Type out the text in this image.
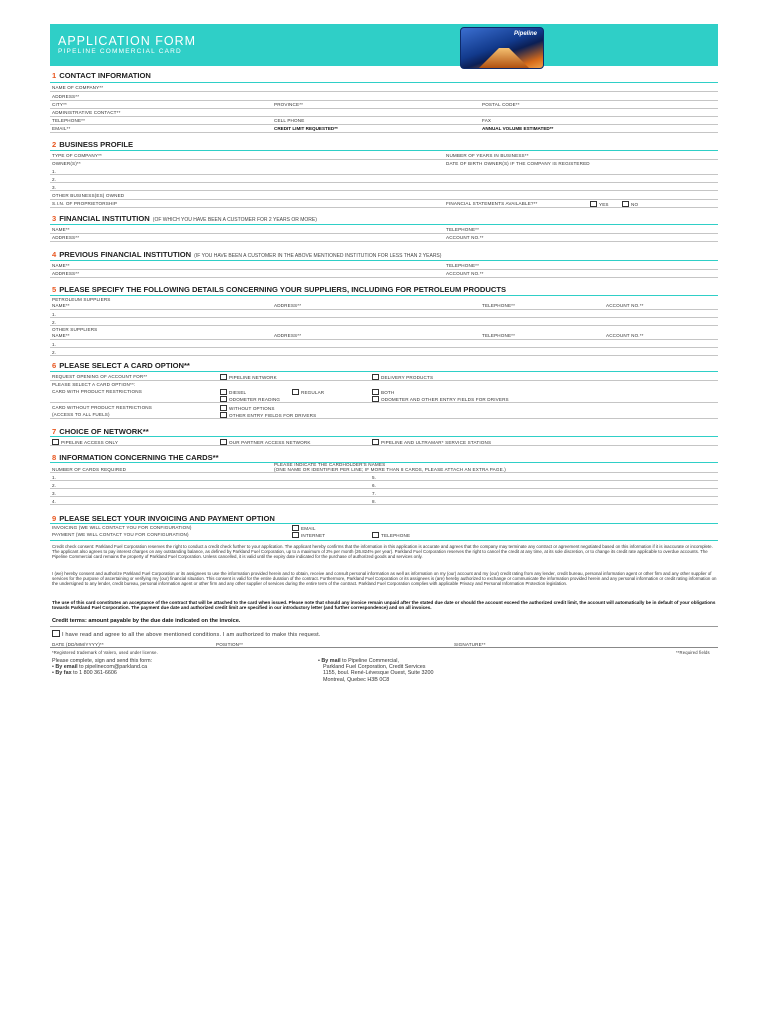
APPLICATION FORM
PIPELINE COMMERCIAL CARD
Pipeline
1 CONTACT INFORMATION
NAME OF COMPANY**
ADDRESS**
CITY**	PROVINCE**	POSTAL CODE**
ADMINISTRATIVE CONTACT**
TELEPHONE**	CELL PHONE	FAX
EMAIL**	CREDIT LIMIT REQUESTED**	ANNUAL VOLUME ESTIMATED**
2 BUSINESS PROFILE
TYPE OF COMPANY**	NUMBER OF YEARS IN BUSINESS**
OWNER(S)**	DATE OF BIRTH OWNER(S) IF THE COMPANY IS REGISTERED
1.
2.
3.
OTHER BUSINESS(ES) OWNED
S.I.N. OF PROPRIETORSHIP	FINANCIAL STATEMENTS AVAILABLE?**	YES	NO
3 FINANCIAL INSTITUTION (OF WHICH YOU HAVE BEEN A CUSTOMER FOR 2 YEARS OR MORE)
NAME**	TELEPHONE**
ADDRESS**	ACCOUNT NO.**
4 PREVIOUS FINANCIAL INSTITUTION (IF YOU HAVE BEEN A CUSTOMER IN THE ABOVE MENTIONED INSTITUTION FOR LESS THAN 2 YEARS)
NAME**	TELEPHONE**
ADDRESS**	ACCOUNT NO.**
5 PLEASE SPECIFY THE FOLLOWING DETAILS CONCERNING YOUR SUPPLIERS, INCLUDING FOR PETROLEUM PRODUCTS
PETROLEUM SUPPLIERS
NAME**	ADDRESS**	TELEPHONE**	ACCOUNT NO.**
1.
2.
OTHER SUPPLIERS
NAME**	ADDRESS**	TELEPHONE**	ACCOUNT NO.**
1.
2.
6 PLEASE SELECT A CARD OPTION**
REQUEST OPENING OF ACCOUNT FOR**	PIPELINE NETWORK	DELIVERY PRODUCTS
PLEASE SELECT A CARD OPTION**:
CARD WITH PRODUCT RESTRICTIONS	DIESEL	REGULAR	BOTH
ODOMETER READING	ODOMETER AND OTHER ENTRY FIELDS FOR DRIVERS
CARD WITHOUT PRODUCT RESTRICTIONS	WITHOUT OPTIONS
(ACCESS TO ALL FUELS)	OTHER ENTRY FIELDS FOR DRIVERS
7 CHOICE OF NETWORK**
PIPELINE ACCESS ONLY	OUR PARTNER ACCESS NETWORK	PIPELINE AND ULTRAMAR* SERVICE STATIONS
8 INFORMATION CONCERNING THE CARDS**
PLEASE INDICATE THE CARDHOLDER'S NAMES
NUMBER OF CARDS REQUIRED	(ONE NAME OR IDENTIFIER PER LINE; IF MORE THAN 8 CARDS, PLEASE ATTACH AN EXTRA PAGE.)
1.	5.
2.	6.
3.	7.
4.	8.
9 PLEASE SELECT YOUR INVOICING AND PAYMENT OPTION
INVOICING (WE WILL CONTACT YOU FOR CONFIGURATION)	EMAIL
PAYMENT (WE WILL CONTACT YOU FOR CONFIGURATION)	INTERNET	TELEPHONE
Credit check consent: Parkland Fuel Corporation reserves the right to conduct a credit check further to your application. The applicant hereby confirms that the information in this application is accurate and agrees that the company may terminate any contract or agreement negotiated based on this information if it is inaccurate or incomplete. The applicant also agrees to pay interest charges on any outstanding balance, as defined by Parkland Fuel Corporation, up to a maximum of 2% per month (26.824% per year). Parkland Fuel Corporation reserves the right to cancel the credit at any time, at its sole discretion, or to change its credit rate applicable to overdue accounts. The Pipeline Commercial card remains the property of Parkland Fuel Corporation. Unless cancelled, it is valid until the expiry date indicated for the purchase of authorized goods and services only.
I (we) hereby consent and authorize Parkland Fuel Corporation or its assignees to use the information provided herein and to obtain, receive and consult personal information as well as information on my (our) account and my (our) credit rating from any lender, credit bureau, personal information agent or other firm and any other supplier of services for the purpose of ascertaining or verifying my (our) financial situation. This consent is valid for the entire duration of the contract. Furthermore, Parkland Fuel Corporation or its assignees is (are) hereby authorized to exchange or communicate the information provided herein and any personal information or credit rating information on the undersigned to any lender, credit bureau, personal information agent or other firm and any other supplier of services during the entire term of the contract. Parkland Fuel Corporation complies with applicable Privacy and Personal Information Protection legislation.
The use of this card constitutes an acceptance of the contract that will be attached to the card when issued. Please note that should any invoice remain unpaid after the stated due date or should the account exceed the authorized credit limit, the account will automatically be in default of your obligations towards Parkland Fuel Corporation. The payment due date and authorized credit limit are specified in our introductory letter (and further correspondence) and on all invoices.
Credit terms: amount payable by the due date indicated on the invoice.
I have read and agree to all the above mentioned conditions. I am authorized to make this request.
DATE (DD/MM/YYYY)**	POSITION**	SIGNATURE**
*Registered trademark of Valero, used under license.	**Required fields
Please complete, sign and send this form:
• By email to pipelinecom@parkland.ca
• By fax to 1 800 361-6606
• By mail to Pipeline Commercial,
Parkland Fuel Corporation, Credit Services
1155, boul. René-Lévesque Ouest, Suite 3200
Montreal, Quebec H3B 0C8
